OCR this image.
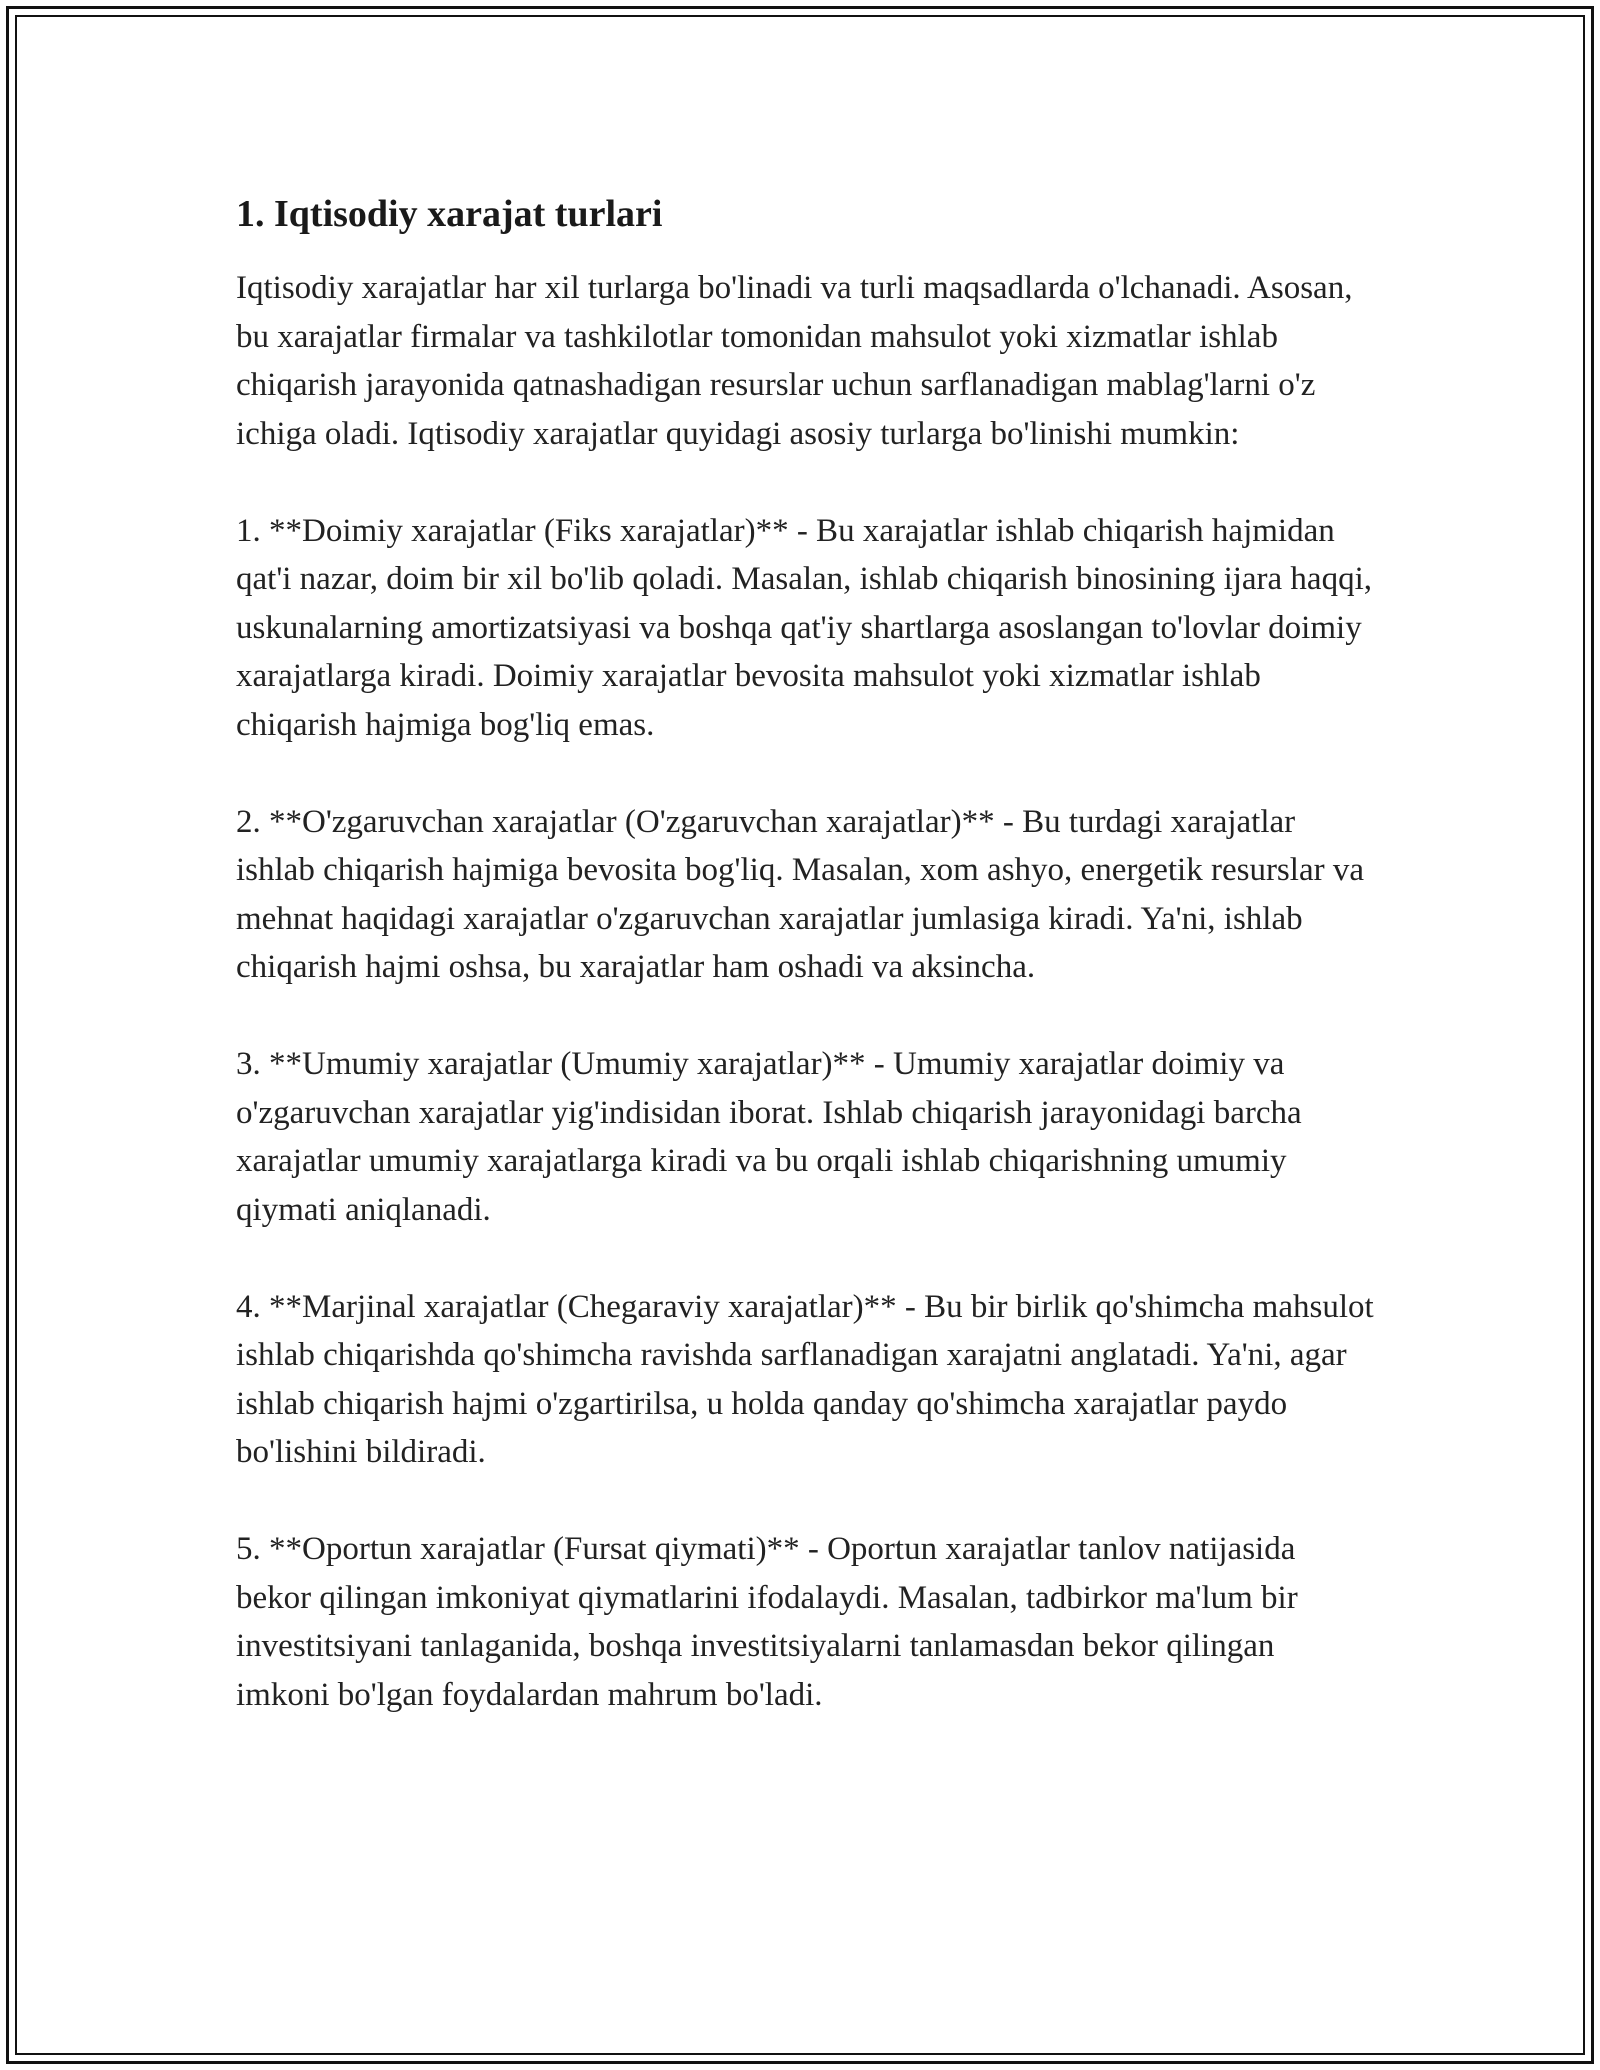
1. Iqtisodiy xarajat turlari

Iqtisodiy xarajatlar har xil turlarga bo'linadi va turli maqsadlarda o'lchanadi. Asosan, bu xarajatlar firmalar va tashkilotlar tomonidan mahsulot yoki xizmatlar ishlab chiqarish jarayonida qatnashadigan resurslar uchun sarflanadigan mablag'larni o'z ichiga oladi. Iqtisodiy xarajatlar quyidagi asosiy turlarga bo'linishi mumkin:

1. **Doimiy xarajatlar (Fiks xarajatlar)** - Bu xarajatlar ishlab chiqarish hajmidan qat'i nazar, doim bir xil bo'lib qoladi. Masalan, ishlab chiqarish binosining ijara haqqi, uskunalarning amortizatsiyasi va boshqa qat'iy shartlarga asoslangan to'lovlar doimiy xarajatlarga kiradi. Doimiy xarajatlar bevosita mahsulot yoki xizmatlar ishlab chiqarish hajmiga bog'liq emas.

2. **O'zgaruvchan xarajatlar (O'zgaruvchan xarajatlar)** - Bu turdagi xarajatlar ishlab chiqarish hajmiga bevosita bog'liq. Masalan, xom ashyo, energetik resurslar va mehnat haqidagi xarajatlar o'zgaruvchan xarajatlar jumlasiga kiradi. Ya'ni, ishlab chiqarish hajmi oshsa, bu xarajatlar ham oshadi va aksincha.

3. **Umumiy xarajatlar (Umumiy xarajatlar)** - Umumiy xarajatlar doimiy va o'zgaruvchan xarajatlar yig'indisidan iborat. Ishlab chiqarish jarayonidagi barcha xarajatlar umumiy xarajatlarga kiradi va bu orqali ishlab chiqarishning umumiy qiymati aniqlanadi.

4. **Marjinal xarajatlar (Chegaraviy xarajatlar)** - Bu bir birlik qo'shimcha mahsulot ishlab chiqarishda qo'shimcha ravishda sarflanadigan xarajatni anglatadi. Ya'ni, agar ishlab chiqarish hajmi o'zgartirilsa, u holda qanday qo'shimcha xarajatlar paydo bo'lishini bildiradi.

5. **Oportun xarajatlar (Fursat qiymati)** - Oportun xarajatlar tanlov natijasida bekor qilingan imkoniyat qiymatlarini ifodalaydi. Masalan, tadbirkor ma'lum bir investitsiyani tanlaganida, boshqa investitsiyalarni tanlamasdan bekor qilingan imkoni bo'lgan foydalardan mahrum bo'ladi.
